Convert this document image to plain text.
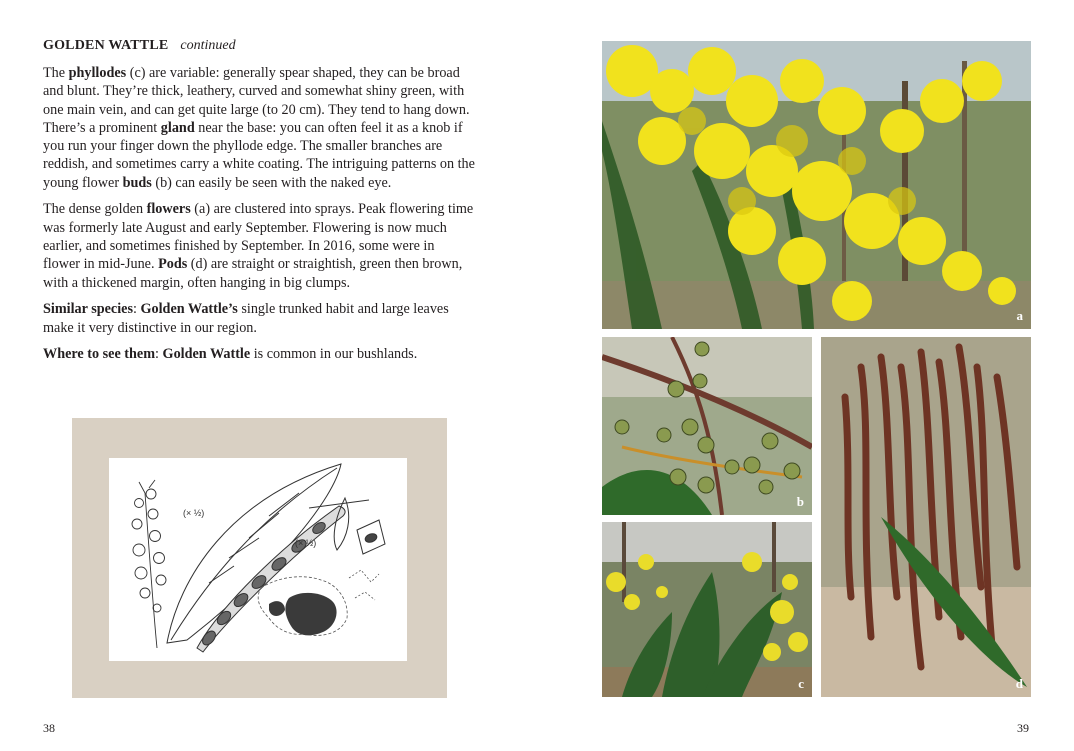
GOLDEN WATTLE continued

The phyllodes (c) are variable: generally spear shaped, they can be broad and blunt. They’re thick, leathery, curved and somewhat shiny green, with one main vein, and can get quite large (to 20 cm). They tend to hang down. There’s a prominent gland near the base: you can often feel it as a knob if you run your finger down the phyllode edge. The smaller branches are reddish, and sometimes carry a white coating. The intriguing patterns on the young flower buds (b) can easily be seen with the naked eye.

The dense golden flowers (a) are clustered into sprays. Peak flowering time was formerly late August and early September. Flowering is now much earlier, and sometimes finished by September. In 2016, some were in flower in mid-June. Pods (d) are straight or straightish, green then brown, with a thickened margin, often hanging in big clumps.

Similar species: Golden Wattle’s single trunked habit and large leaves make it very distinctive in our region.

Where to see them: Golden Wattle is common in our bushlands.

(× ½)
(× ½)
38
a
b
c	d
39
